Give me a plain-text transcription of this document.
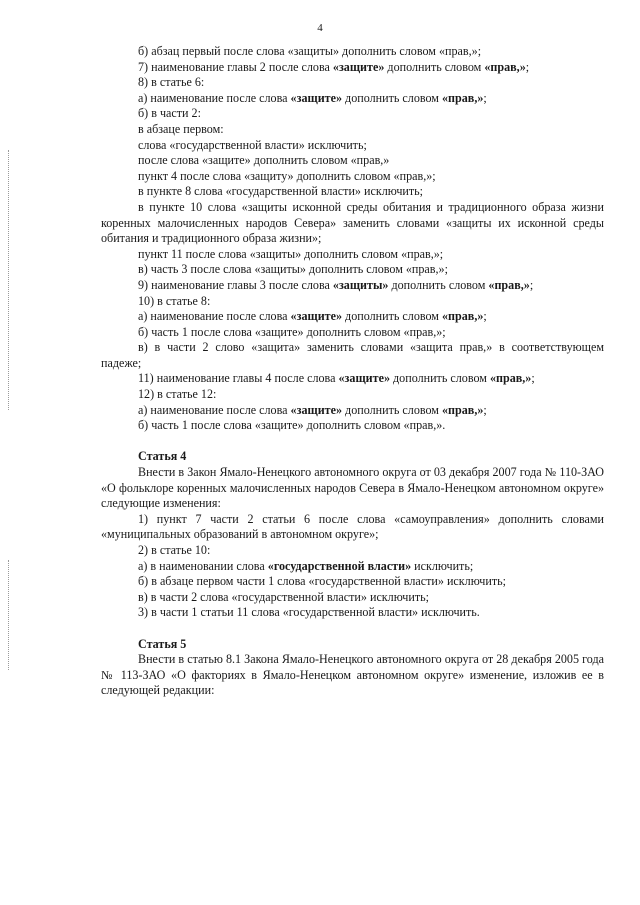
4

б) абзац первый после слова «защиты» дополнить словом «прав,»;

7) наименование главы 2 после слова «защите» дополнить словом «прав,»;

8) в статье 6:

а) наименование после слова «защите» дополнить словом «прав,»;

б) в части 2:

в абзаце первом:

слова «государственной власти» исключить;

после слова «защите» дополнить словом «прав,»

пункт 4 после слова «защиту» дополнить словом «прав,»;

в пункте 8 слова «государственной власти» исключить;

в пункте 10 слова «защиты исконной среды обитания и традиционного образа жизни коренных малочисленных народов Севера» заменить словами «защиты их исконной среды обитания и традиционного образа жизни»;

пункт 11 после слова «защиты» дополнить словом «прав,»;

в) часть 3 после слова «защиты» дополнить словом «прав,»;

9) наименование главы 3 после слова «защиты» дополнить словом «прав,»;

10) в статье 8:

а) наименование после слова «защите» дополнить словом «прав,»;

б) часть 1 после слова «защите» дополнить словом «прав,»;

в) в части 2 слово «защита» заменить словами «защита прав,» в соответствующем падеже;

11) наименование главы 4 после слова «защите» дополнить словом «прав,»;

12) в статье 12:

а) наименование после слова «защите» дополнить словом «прав,»;

б) часть 1 после слова «защите» дополнить словом «прав,».

Статья 4

Внести в Закон Ямало-Ненецкого автономного округа от 03 декабря 2007 года № 110-ЗАО «О фольклоре коренных малочисленных народов Севера в Ямало-Ненецком автономном округе» следующие изменения:

1) пункт 7 части 2 статьи 6 после слова «самоуправления» дополнить словами «муниципальных образований в автономном округе»;

2) в статье 10:

а) в наименовании слова «государственной власти» исключить;

б) в абзаце первом части 1 слова «государственной власти» исключить;

в) в части 2 слова «государственной власти» исключить;

3) в части 1 статьи 11 слова «государственной власти» исключить.

Статья 5

Внести в статью 8.1 Закона Ямало-Ненецкого автономного округа от 28 декабря 2005 года № 113-ЗАО «О факториях в Ямало-Ненецком автономном округе» изменение, изложив ее в следующей редакции:
